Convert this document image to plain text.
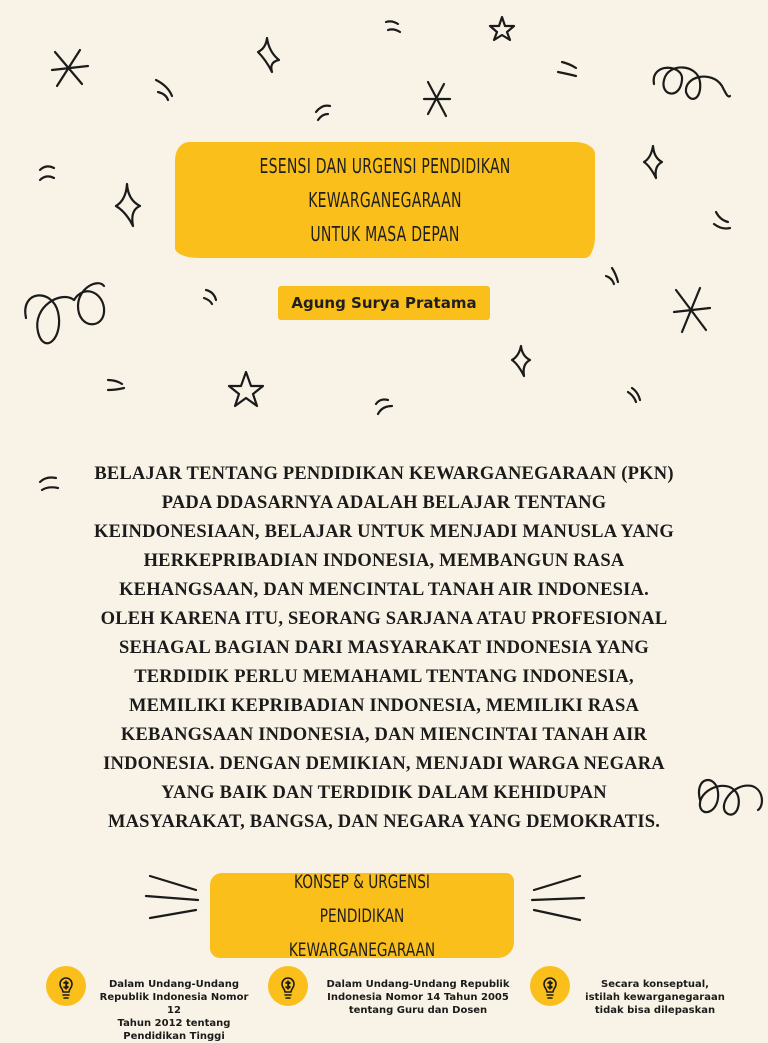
ESENSI DAN URGENSI PENDIDIKAN KEWARGANEGARAAN
UNTUK MASA DEPAN
Agung Surya Pratama
BELAJAR TENTANG PENDIDIKAN KEWARGANEGARAAN (PKN)
PADA DDASARNYA ADALAH BELAJAR TENTANG
KEINDONESIAAN, BELAJAR UNTUK MENJADI MANUSLA YANG
HERKEPRIBADIAN INDONESIA, MEMBANGUN RASA
KEHANGSAAN, DAN MENCINTAL TANAH AIR INDONESIA.
OLEH KARENA ITU, SEORANG SARJANA ATAU PROFESIONAL
SEHAGAL BAGIAN DARI MASYARAKAT INDONESIA YANG
TERDIDIK PERLU MEMAHAML TENTANG INDONESIA,
MEMILIKI KEPRIBADIAN INDONESIA, MEMILIKI RASA
KEBANGSAAN INDONESIA, DAN MIENCINTAI TANAH AIR
INDONESIA. DENGAN DEMIKIAN, MENJADI WARGA NEGARA
YANG BAIK DAN TERDIDIK DALAM KEHIDUPAN
MASYARAKAT, BANGSA, DAN NEGARA YANG DEMOKRATIS.
KONSEP & URGENSI PENDIDIKAN
KEWARGANEGARAAN
Dalam Undang-Undang
Republik Indonesia Nomor 12
Tahun 2012 tentang
Pendidikan Tinggi
Dalam Undang-Undang Republik
Indonesia Nomor 14 Tahun 2005
tentang Guru dan Dosen
Secara konseptual,
istilah kewarganegaraan
tidak bisa dilepaskan
